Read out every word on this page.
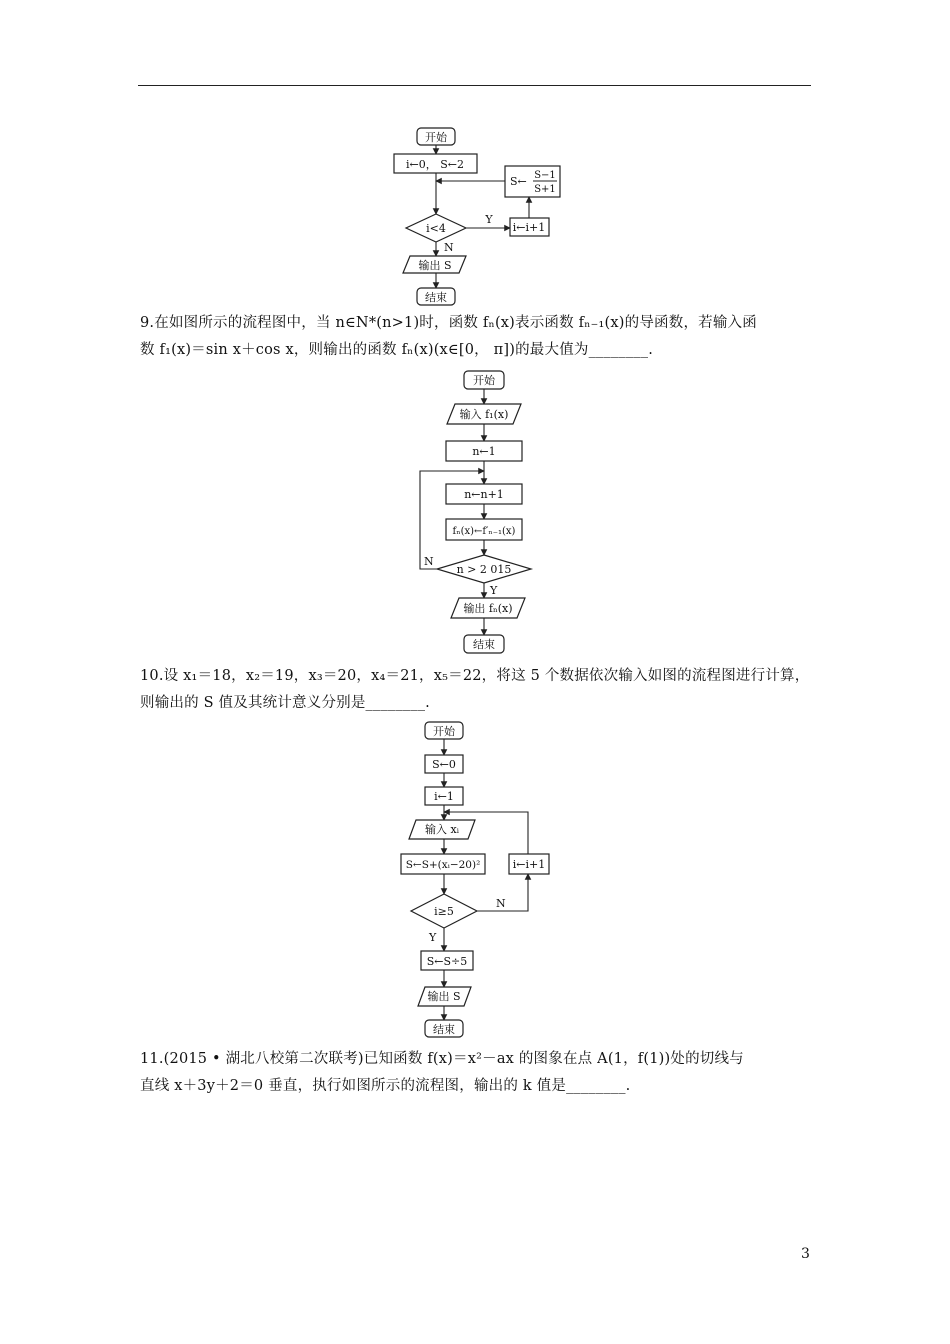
开始
i←0， S←2
S← S−1
S+1
i<4
Y
i←i+1
N
输出 S
结束
开始
输入 f₁(x)
n←1
n←n+1
fₙ(x)←f′ₙ₋₁(x)
n > 2 015
N
Y
输出 fₙ(x)
结束
开始
S←0
i←1
输入 xᵢ
S←S+(xᵢ−20)²
i≥5
N
i←i+1
Y
S←S÷5
输出 S
结束

9.在如图所示的流程图中，当 n∈N*(n>1)时，函数 fₙ(x)表示函数 fₙ₋₁(x)的导函数，若输入函

数 f₁(x)＝sin x＋cos x，则输出的函数 fₙ(x)(x∈[0， π])的最大值为________.

10.设 x₁＝18，x₂＝19，x₃＝20，x₄＝21，x₅＝22，将这 5 个数据依次输入如图的流程图进行计算，

则输出的 S 值及其统计意义分别是________.

11.(2015 • 湖北八校第二次联考)已知函数 f(x)＝x²－ax 的图象在点 A(1，f(1))处的切线与

直线 x＋3y＋2＝0 垂直，执行如图所示的流程图，输出的 k 值是________.

3
